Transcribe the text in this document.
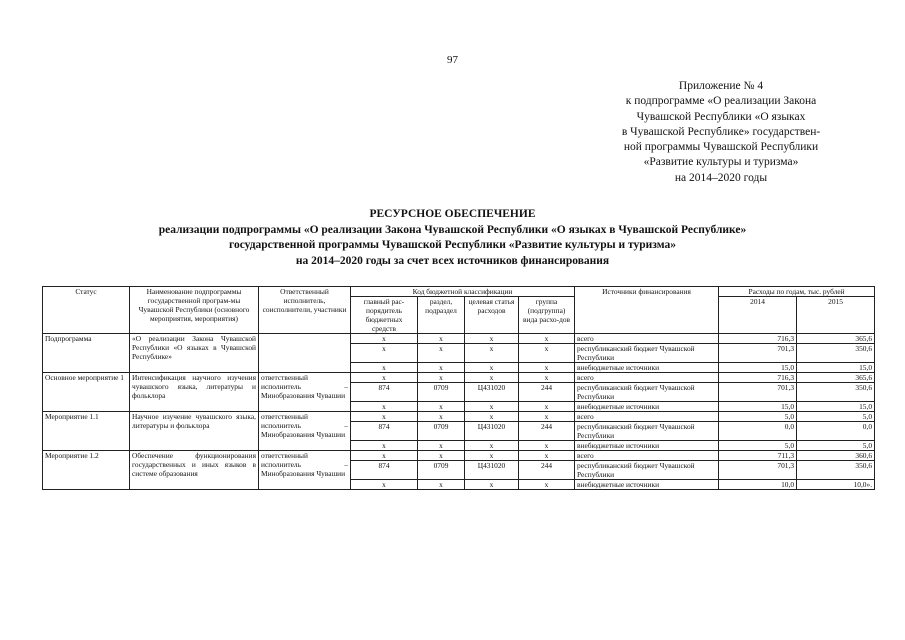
97
Приложение № 4
к подпрограмме «О реализации Закона
Чувашской Республики «О языках
в Чувашской Республике» государствен-
ной программы Чувашской Республики
«Развитие культуры и туризма»
на 2014–2020 годы
РЕСУРСНОЕ ОБЕСПЕЧЕНИЕ
реализации подпрограммы «О реализации Закона Чувашской Республики «О языках в Чувашской Республике»
государственной программы Чувашской Республики «Развитие культуры и туризма»
на 2014–2020 годы за счет всех источников финансирования
Статус	Наименование подпрограммы государственной програм-мы Чувашской Республики (основного мероприятия, мероприятия)	Ответственный исполнитель, соисполнители, участники	Код бюджетной классификации				Источники финансирования	Расходы по годам, тыс. рублей	
			главный рас-порядитель бюджетных средств	раздел, подраздел	целевая статья расходов	группа (подгруппа) вида расхо-дов		2014	2015
Подпрограмма	«О реализации Закона Чувашской Республики «О языках в Чувашской Республике»		x	x	x	x	всего	716,3	365,6
			x	x	x	x	республиканский бюджет Чувашской Республики	701,3	350,6
			x	x	x	x	внебюджетные источники	15,0	15,0
Основное мероприятие 1	Интенсификация научного изучения чувашского языка, литературы и фольклора	ответственный исполнитель – Минобразования Чувашии	x	x	x	x	всего	716,3	365,6
			874	0709	Ц431020	244	республиканский бюджет Чувашской Республики	701,3	350,6
			x	x	x	x	внебюджетные источники	15,0	15,0
Мероприятие 1.1	Научное изучение чувашского языка, литературы и фольклора	ответственный исполнитель – Минобразования Чувашии	x	x	x	x	всего	5,0	5,0
			874	0709	Ц431020	244	республиканский бюджет Чувашской Республики	0,0	0,0
			x	x	x	x	внебюджетные источники	5,0	5,0
Мероприятие 1.2	Обеспечение функционирования государственных и иных языков в системе образования	ответственный исполнитель – Минобразования Чувашии	x	x	x	x	всего	711,3	360,6
			874	0709	Ц431020	244	республиканский бюджет Чувашской Республики	701,3	350,6
			x	x	x	x	внебюджетные источники	10,0	10,0».
